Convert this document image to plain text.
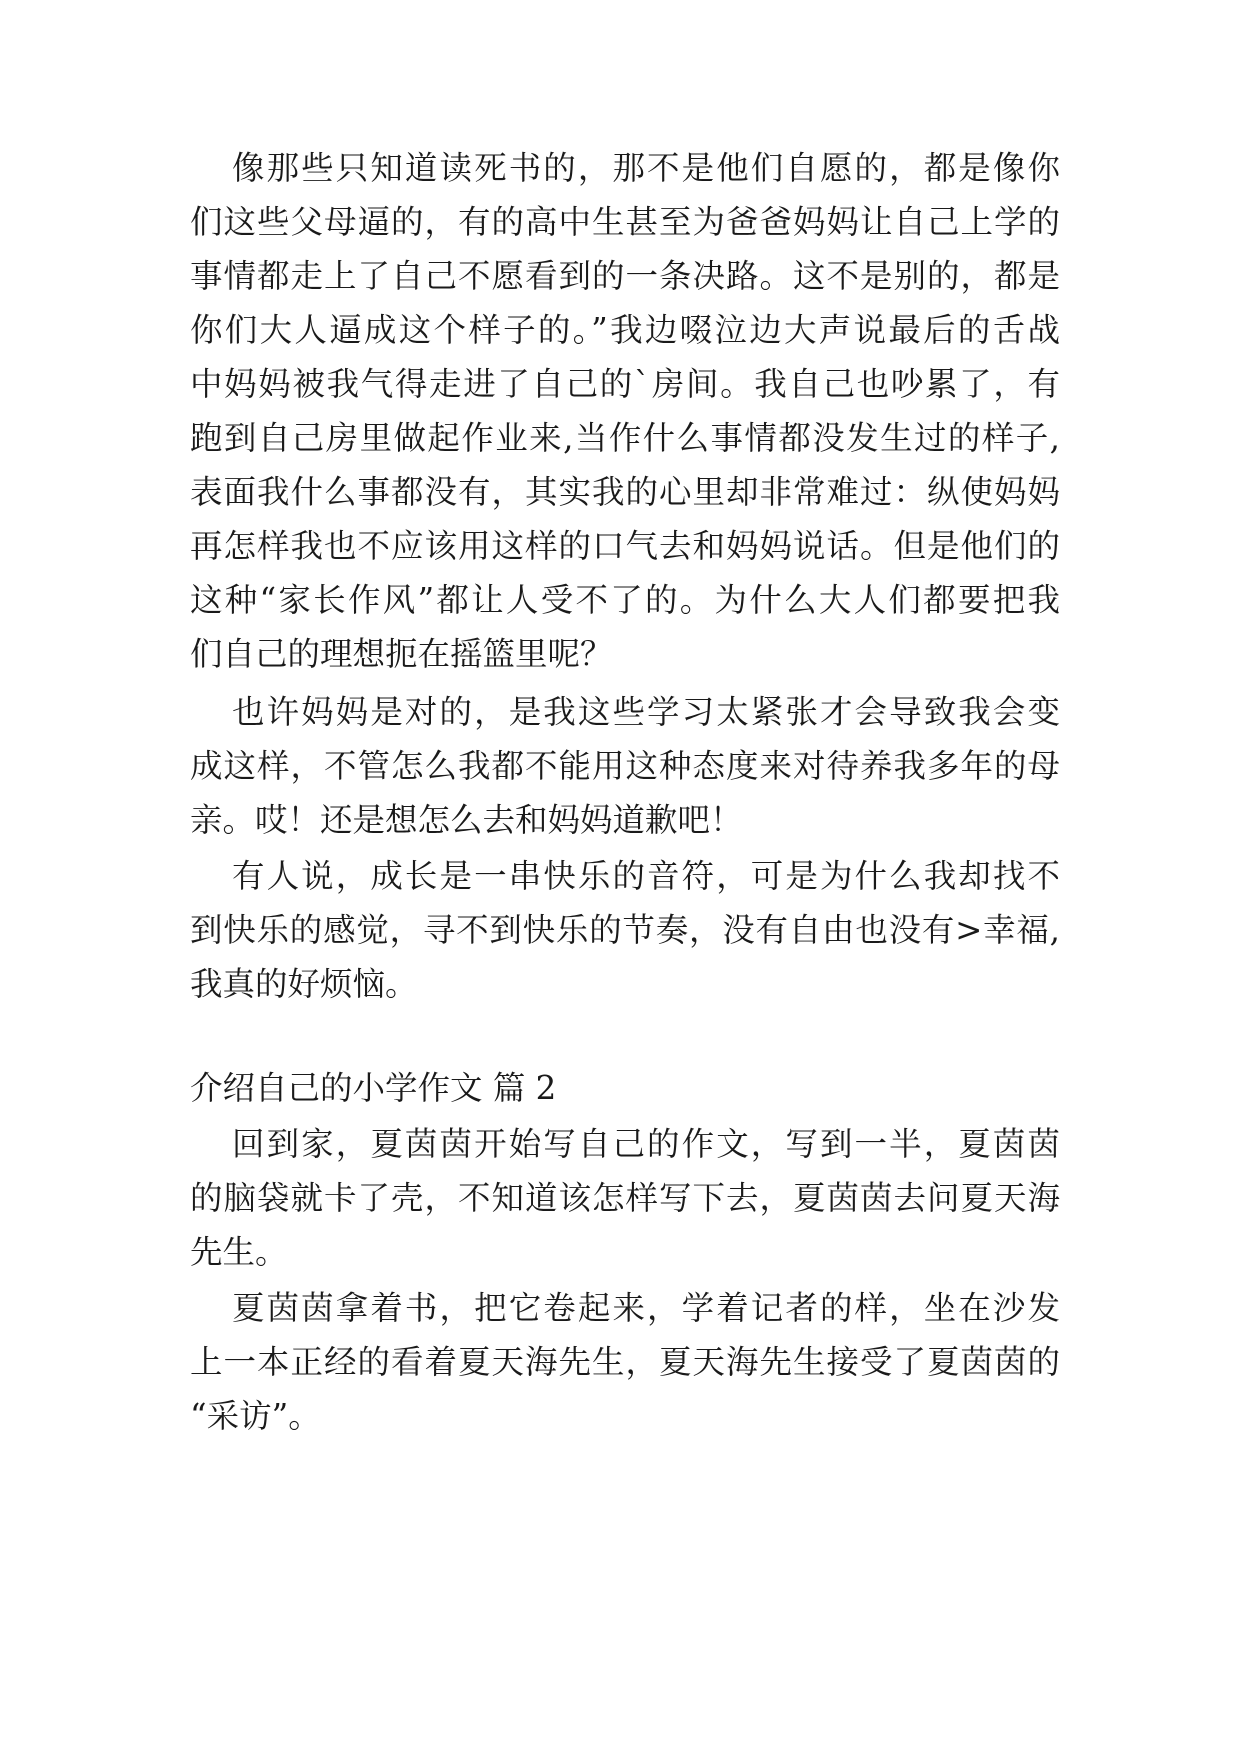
像那些只知道读死书的，那不是他们自愿的，都是像你
们这些父母逼的，有的高中生甚至为爸爸妈妈让自己上学的
事情都走上了自己不愿看到的一条决路。这不是别的，都是
你们大人逼成这个样子的。”我边啜泣边大声说最后的舌战
中妈妈被我气得走进了自己的`房间。我自己也吵累了，有
跑到自己房里做起作业来,当作什么事情都没发生过的样子,
表面我什么事都没有，其实我的心里却非常难过：纵使妈妈
再怎样我也不应该用这样的口气去和妈妈说话。但是他们的
这种“家长作风”都让人受不了的。为什么大人们都要把我
们自己的理想扼在摇篮里呢？
也许妈妈是对的，是我这些学习太紧张才会导致我会变
成这样，不管怎么我都不能用这种态度来对待养我多年的母
亲。哎！还是想怎么去和妈妈道歉吧！
有人说，成长是一串快乐的音符，可是为什么我却找不
到快乐的感觉，寻不到快乐的节奏，没有自由也没有>幸福,
我真的好烦恼。
介绍自己的小学作文 篇 2
回到家，夏茵茵开始写自己的作文，写到一半，夏茵茵
的脑袋就卡了壳，不知道该怎样写下去，夏茵茵去问夏天海
先生。
夏茵茵拿着书，把它卷起来，学着记者的样，坐在沙发
上一本正经的看着夏天海先生，夏天海先生接受了夏茵茵的
“采访”。
